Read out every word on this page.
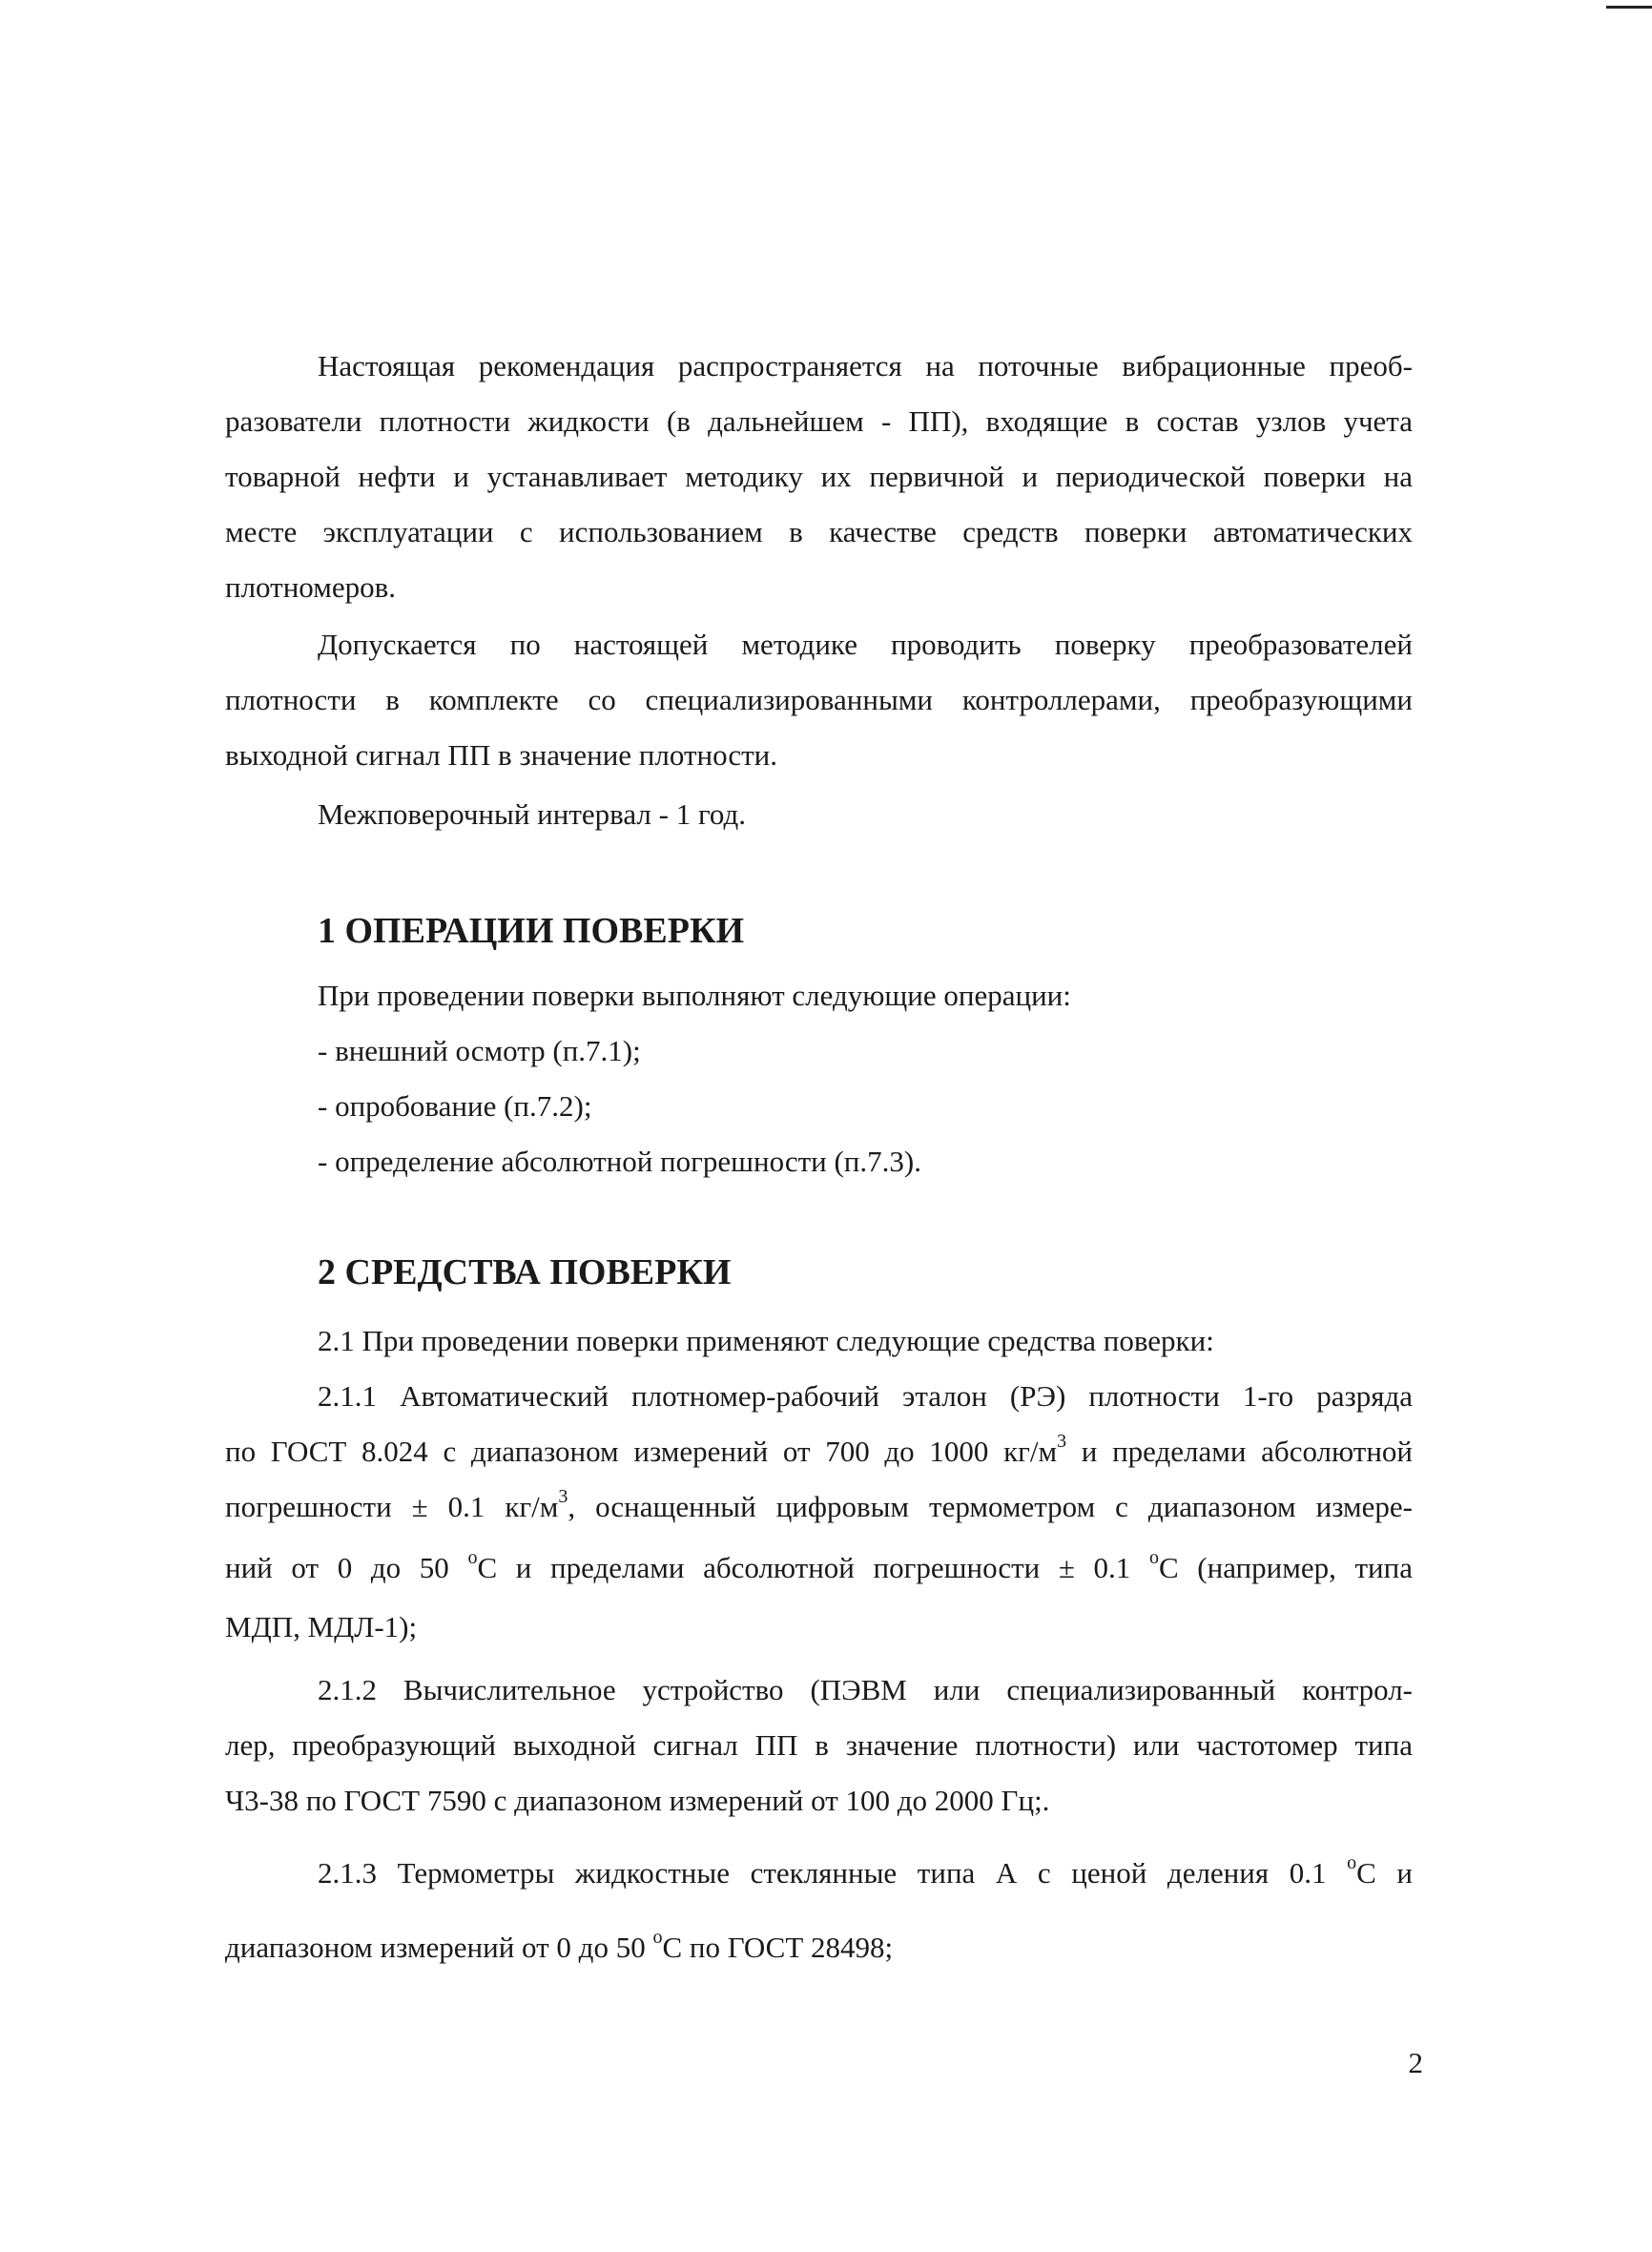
Настоящая рекомендация распространяется на поточные вибрационные преоб-
разователи плотности жидкости (в дальнейшем - ПП), входящие в состав узлов учета
товарной нефти и устанавливает методику их первичной и периодической поверки на
месте эксплуатации с использованием в качестве средств поверки автоматических
плотномеров.
Допускается по настоящей методике проводить поверку преобразователей
плотности в комплекте со специализированными контроллерами, преобразующими
выходной сигнал ПП в значение плотности.
Межповерочный интервал - 1 год.
1 ОПЕРАЦИИ ПОВЕРКИ
При проведении поверки выполняют следующие операции:
- внешний осмотр (п.7.1);
- опробование (п.7.2);
- определение абсолютной погрешности (п.7.3).
2 СРЕДСТВА ПОВЕРКИ
2.1 При проведении поверки применяют следующие средства поверки:
2.1.1 Автоматический плотномер-рабочий эталон (РЭ) плотности 1-го разряда
по ГОСТ 8.024 с диапазоном измерений от 700 до 1000 $кг/м^3$ и пределами абсолютной
погрешности ± 0.1 $кг/м^3$, оснащенный цифровым термометром с диапазоном измере-
ний от 0 до 50 $^о$С и пределами абсолютной погрешности ± 0.1 $^о$С (например, типа
МДП, МДЛ-1);
2.1.2 Вычислительное устройство (ПЭВМ или специализированный контрол-
лер, преобразующий выходной сигнал ПП в значение плотности) или частотомер типа
Ч3-38 по ГОСТ 7590 с диапазоном измерений от 100 до 2000 Гц;.
2.1.3 Термометры жидкостные стеклянные типа А с ценой деления 0.1 $^о$С и
диапазоном измерений от 0 до 50 $^о$С по ГОСТ 28498;
2
